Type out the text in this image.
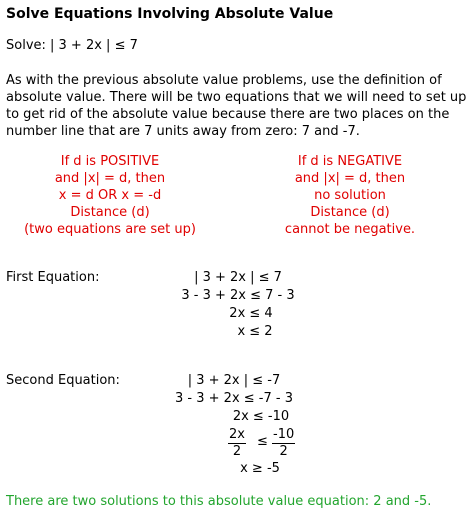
Solve Equations Involving Absolute Value
Solve: | 3 + 2x | ≤ 7
As with the previous absolute value problems, use the definition of absolute value. There will be two equations that we will need to set up to get rid of the absolute value because there are two places on the number line that are 7 units away from zero: 7 and -7.
If d is POSITIVE
and |x| = d, then
x = d OR x = -d
Distance (d)
(two equations are set up)
If d is NEGATIVE
and |x| = d, then
no solution
Distance (d)
cannot be negative.
First Equation:	| 3 + 2x | ≤ 7
3 - 3 + 2x ≤ 7 - 3
2x ≤ 4
x ≤ 2
Second Equation:	| 3 + 2x | ≤ -7
3 - 3 + 2x ≤ -7 - 3
2x ≤ -10
$\frac{2x}{2} \le \frac{-10}{2}$
x ≥ -5
There are two solutions to this absolute value equation: 2 and -5.
